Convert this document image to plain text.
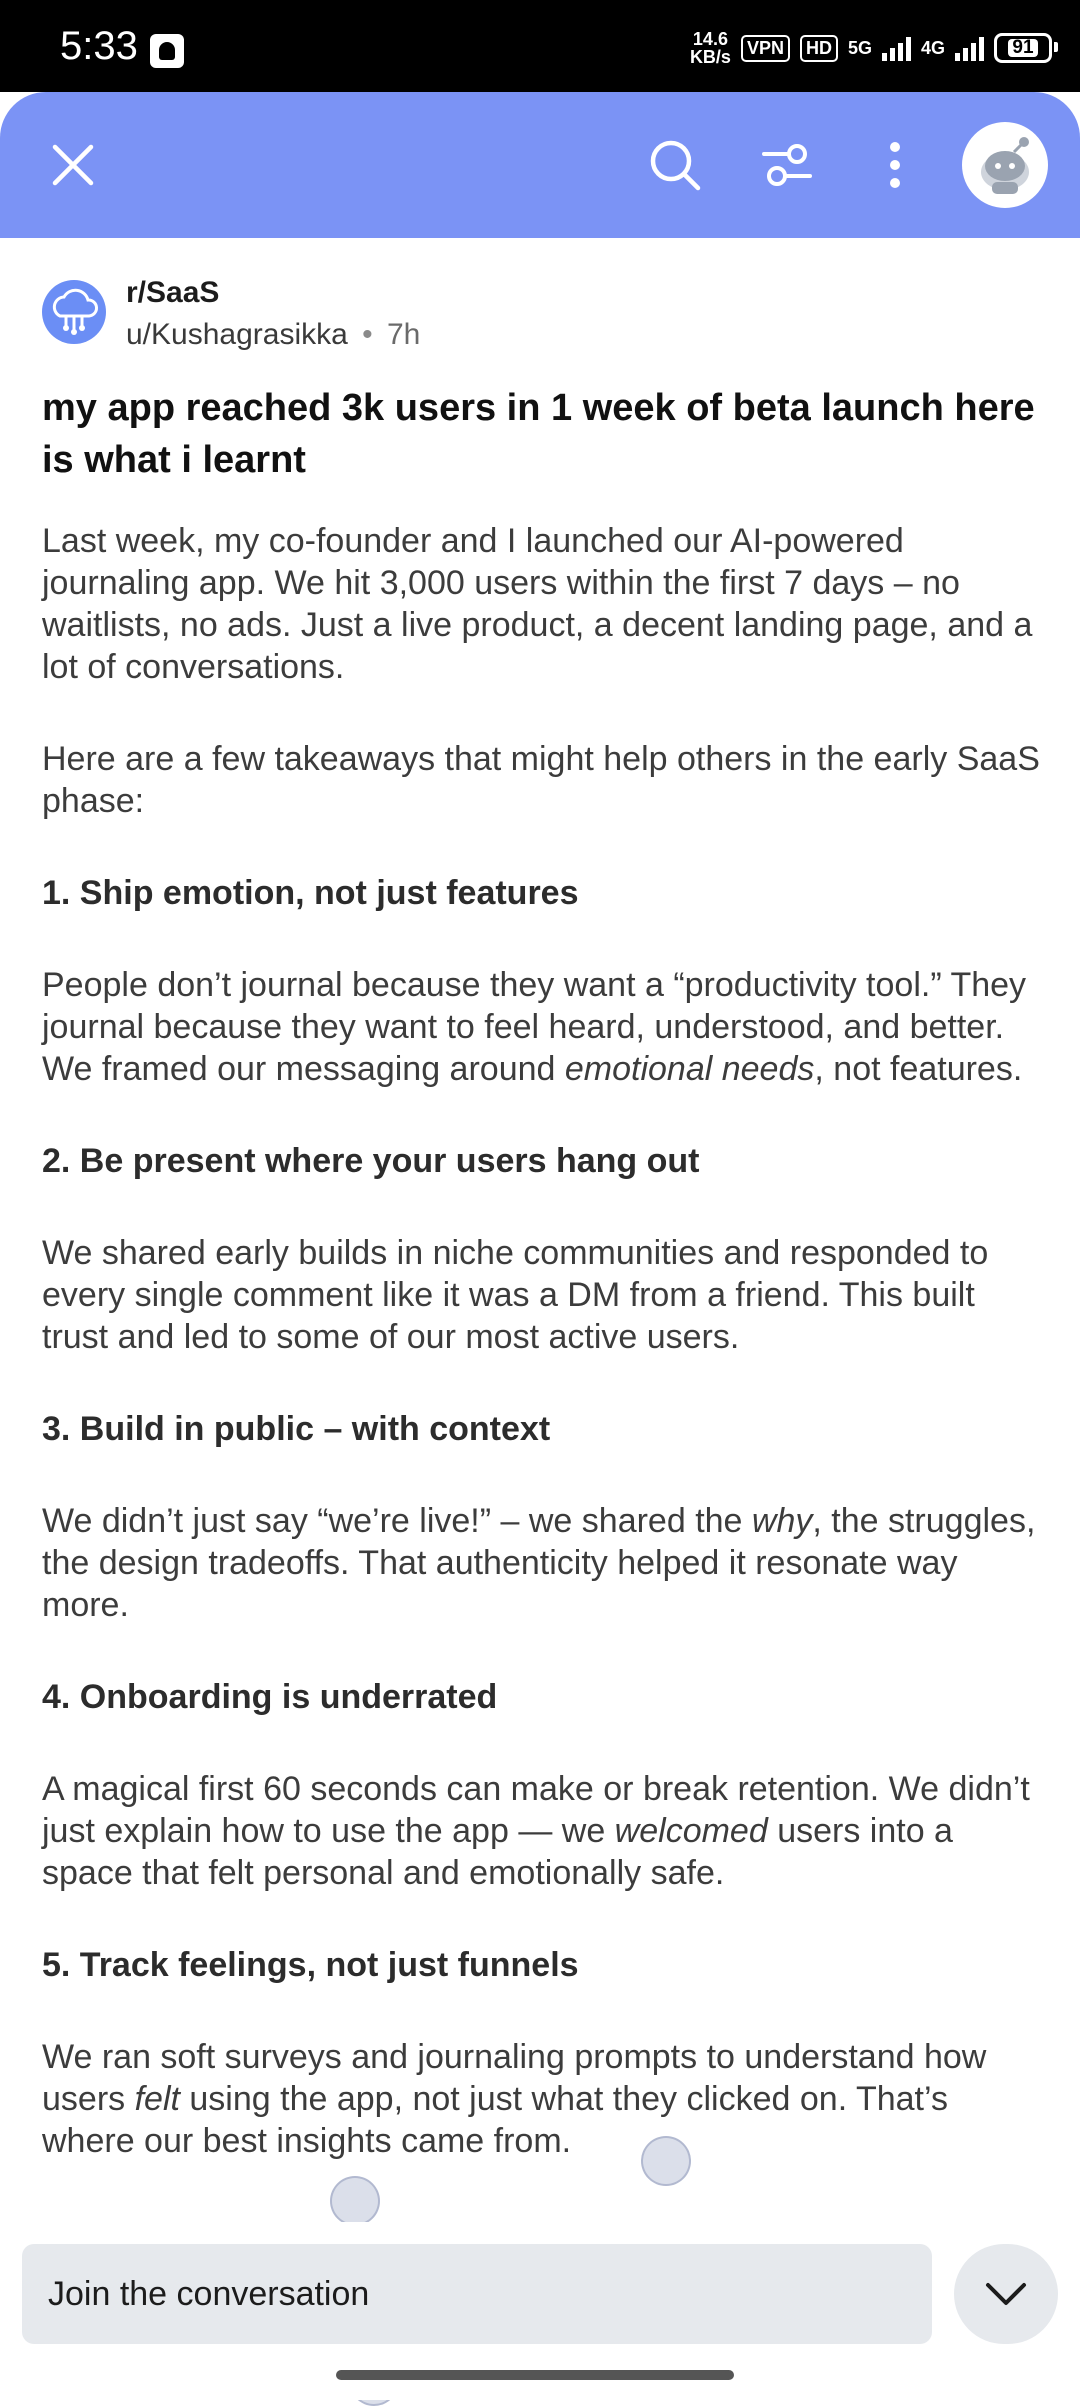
5:33	14.6
KB/s VPN	HD 5G	4G	91
r/SaaS
u/Kushagrasikka • 7h
my app reached 3k users in 1 week of beta launch here is what i learnt

Last week, my co-founder and I launched our AI-powered journaling app. We hit 3,000 users within the first 7 days – no waitlists, no ads. Just a live product, a decent landing page, and a lot of conversations.

Here are a few takeaways that might help others in the early SaaS phase:

1. Ship emotion, not just features

People don’t journal because they want a “productivity tool.” They journal because they want to feel heard, understood, and better. We framed our messaging around emotional needs, not features.

2. Be present where your users hang out

We shared early builds in niche communities and responded to every single comment like it was a DM from a friend. This built trust and led to some of our most active users.

3. Build in public – with context

We didn’t just say “we’re live!” – we shared the why, the struggles, the design tradeoffs. That authenticity helped it resonate way more.

4. Onboarding is underrated

A magical first 60 seconds can make or break retention. We didn’t just explain how to use the app — we welcomed users into a space that felt personal and emotionally safe.

5. Track feelings, not just funnels

We ran soft surveys and journaling prompts to understand how users felt using the app, not just what they clicked on. That’s where our best insights came from.

Join the conversation
